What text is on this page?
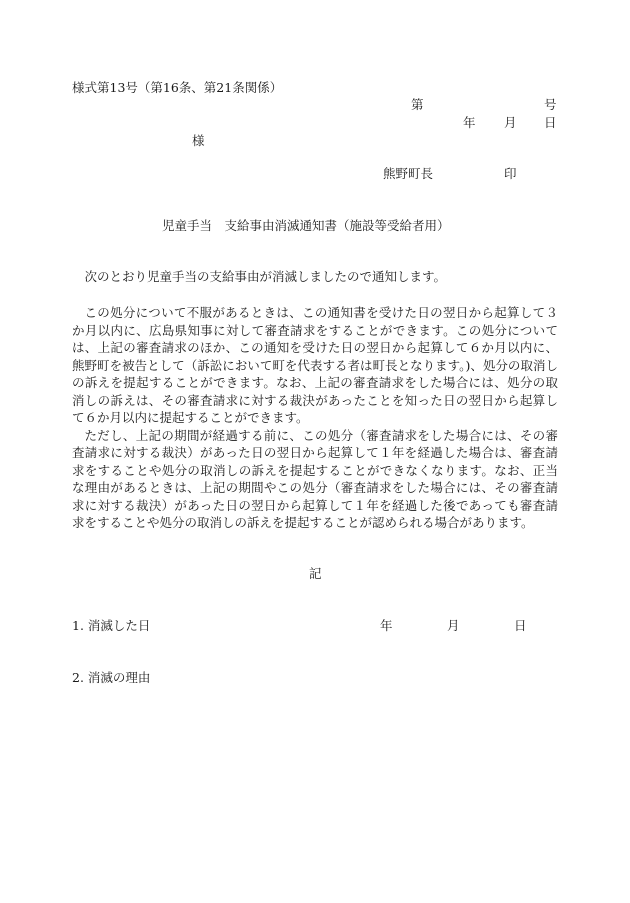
様式第13号（第16条、第21条関係）
第	号
年 月 日
様
熊野町長	印
児童手当　支給事由消滅通知書（施設等受給者用）

次のとおり児童手当の支給事由が消滅しましたので通知します。

この処分について不服があるときは、この通知書を受けた日の翌日から起算して３か月以内に、広島県知事に対して審査請求をすることができます。この処分については、上記の審査請求のほか、この通知を受けた日の翌日から起算して６か月以内に、熊野町を被告として（訴訟において町を代表する者は町長となります。)、処分の取消しの訴えを提起することができます。なお、上記の審査請求をした場合には、処分の取消しの訴えは、その審査請求に対する裁決があったことを知った日の翌日から起算して６か月以内に提起することができます。

ただし、上記の期間が経過する前に、この処分（審査請求をした場合には、その審査請求に対する裁決）があった日の翌日から起算して１年を経過した場合は、審査請求をすることや処分の取消しの訴えを提起することができなくなります。なお、正当な理由があるときは、上記の期間やこの処分（審査請求をした場合には、その審査請求に対する裁決）があった日の翌日から起算して１年を経過した後であっても審査請求をすることや処分の取消しの訴えを提起することが認められる場合があります。

記
1. 消滅した日	年	月	日
2. 消滅の理由
